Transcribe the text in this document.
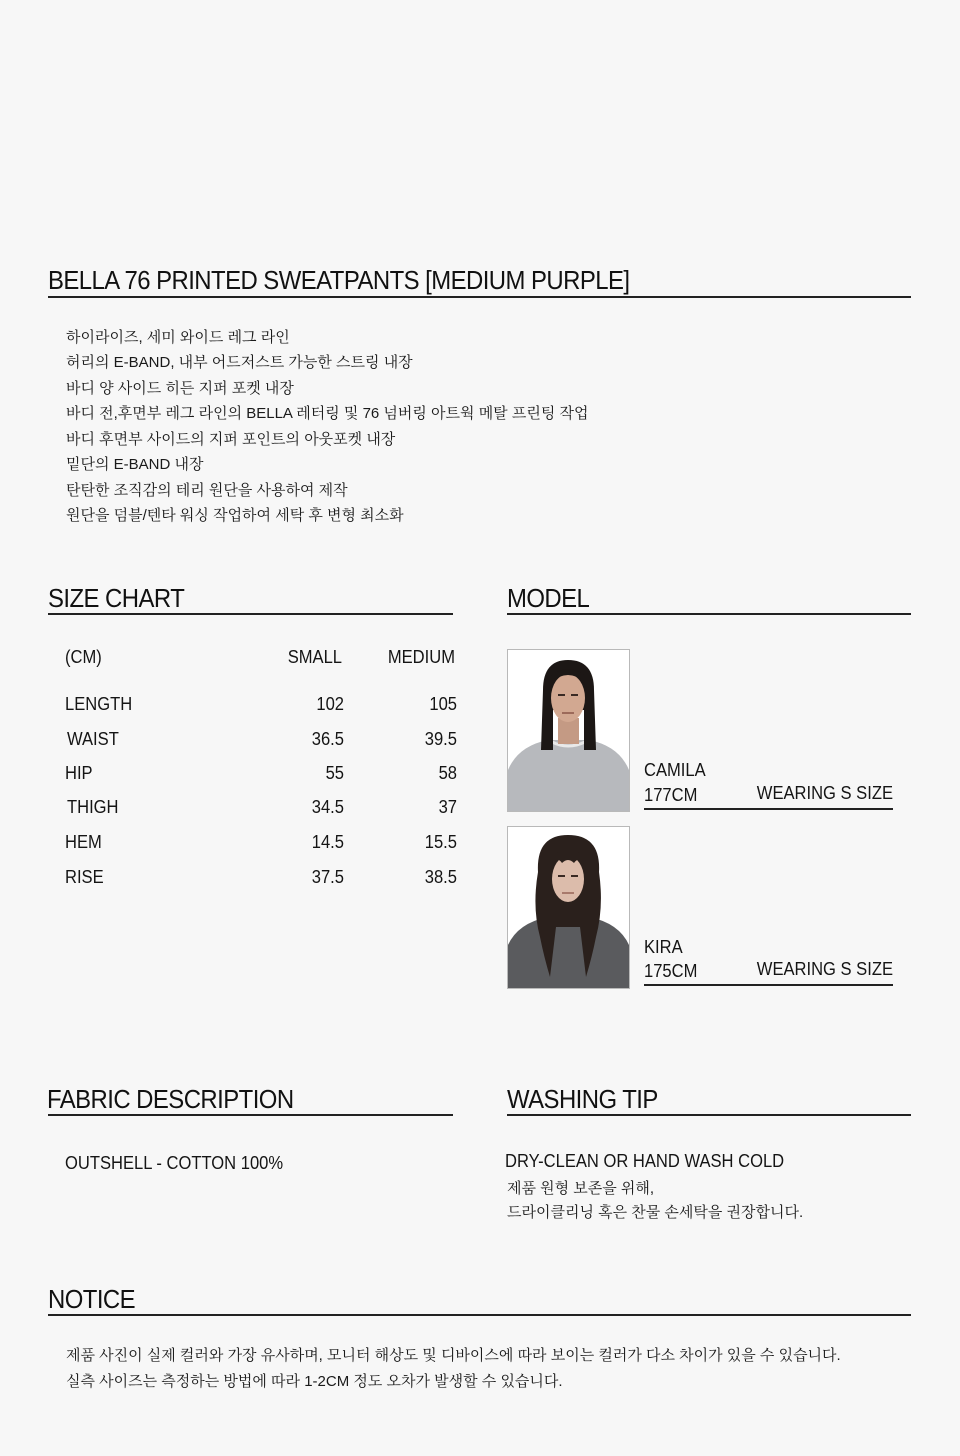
BELLA 76 PRINTED SWEATPANTS [MEDIUM PURPLE]
하이라이즈, 세미 와이드 레그 라인
허리의 E-BAND, 내부 어드저스트 가능한 스트링 내장
바디 양 사이드 히든 지퍼 포켓 내장
바디 전,후면부 레그 라인의 BELLA 레터링 및 76 넘버링 아트웍 메탈 프린팅 작업
바디 후면부 사이드의 지퍼 포인트의 아웃포켓 내장
밑단의 E-BAND 내장
탄탄한 조직감의 테리 원단을 사용하여 제작
원단을 덤블/텐타 워싱 작업하여 세탁 후 변형 최소화
SIZE CHART
(CM)	SMALL	MEDIUM
LENGTH	102	105
WAIST	36.5	39.5
HIP	55	58
THIGH	34.5	37
HEM	14.5	15.5
RISE	37.5	38.5
MODEL
CAMILA
177CM	WEARING S SIZE
KIRA
175CM	WEARING S SIZE
FABRIC DESCRIPTION
OUTSHELL - COTTON 100%
WASHING TIP
DRY-CLEAN OR HAND WASH COLD
제품 원형 보존을 위해,
드라이클리닝 혹은 찬물 손세탁을 권장합니다.
NOTICE
제품 사진이 실제 컬러와 가장 유사하며, 모니터 해상도 및 디바이스에 따라 보이는 컬러가 다소 차이가 있을 수 있습니다.
실측 사이즈는 측정하는 방법에 따라 1-2CM 정도 오차가 발생할 수 있습니다.
